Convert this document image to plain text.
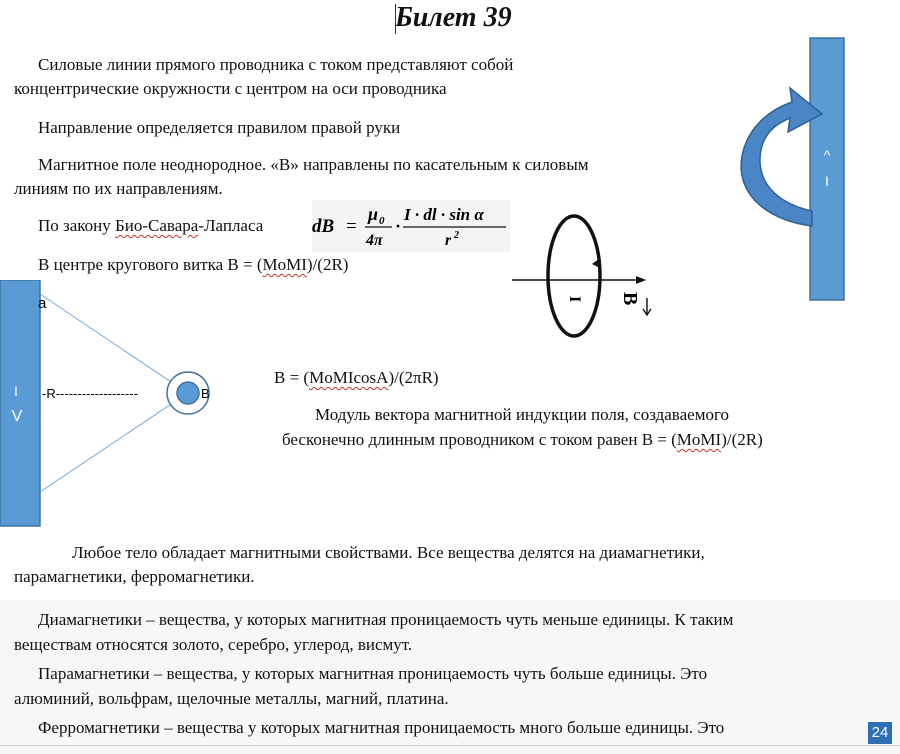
Билет 39
Силовые линии прямого проводника с током представляют собой
концентрические окружности с центром на оси проводника
Направление определяется правилом правой руки
Магнитное поле неоднородное. «В» направлены по касательным к силовым
линиям по их направлениям.
По закону Био-Савара-Лапласа	dB =
μ 0
4π
·
I · dl · sin α
r 2
В центре кругового витка В = (MoMI)/(2R)
^
I
I B
I
V
a
-R-------------------	B
B = (MoMIcosA)/(2πR)
Модуль вектора магнитной индукции поля, создаваемого
бесконечно длинным проводником с током равен B = (MoMI)/(2R)
Любое тело обладает магнитными свойствами. Все вещества делятся на диамагнетики,
парамагнетики, ферромагнетики.
Диамагнетики – вещества, у которых магнитная проницаемость чуть меньше единицы. К таким
веществам относятся золото, серебро, углерод, висмут.
Парамагнетики – вещества, у которых магнитная проницаемость чуть больше единицы. Это
алюминий, вольфрам, щелочные металлы, магний, платина.
Ферромагнетики – вещества у которых магнитная проницаемость много больше единицы. Это	24
